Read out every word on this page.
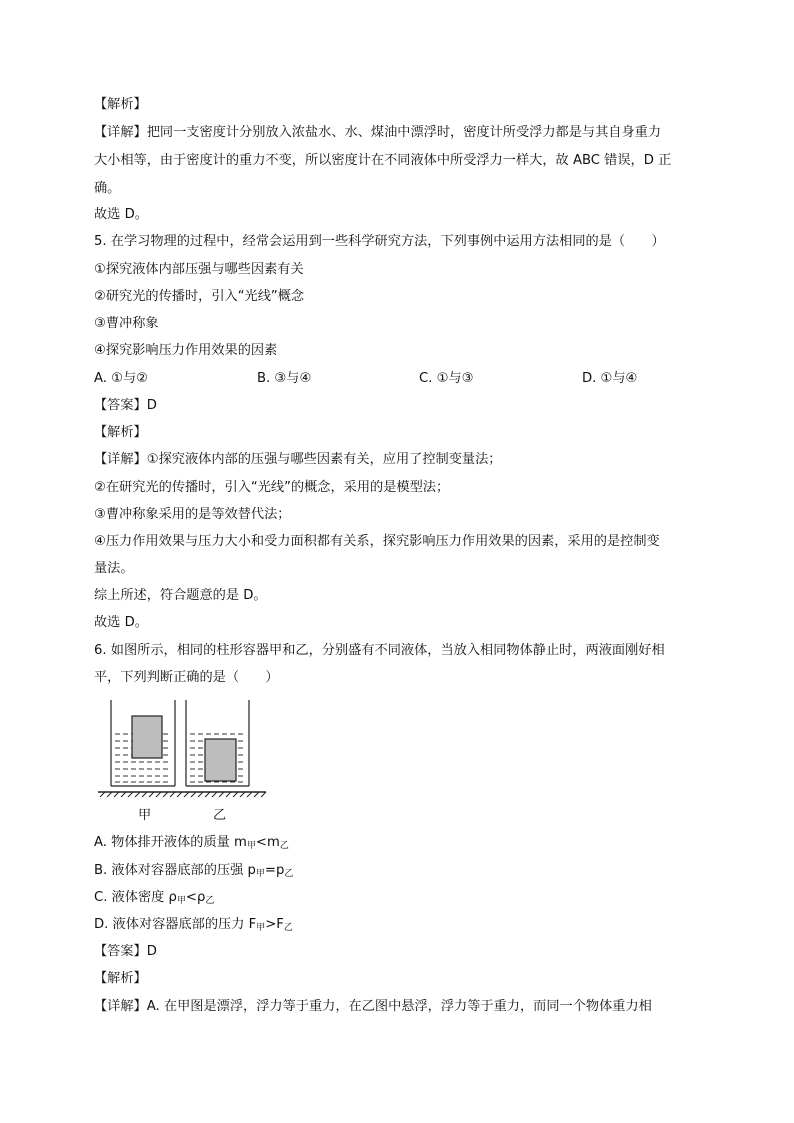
【解析】
【详解】把同一支密度计分别放入浓盐水、水、煤油中漂浮时，密度计所受浮力都是与其自身重力
大小相等，由于密度计的重力不变，所以密度计在不同液体中所受浮力一样大，故 ABC 错误，D 正
确。
故选 D。
5. 在学习物理的过程中，经常会运用到一些科学研究方法，下列事例中运用方法相同的是（　　）
①探究液体内部压强与哪些因素有关
②研究光的传播时，引入“光线”概念
③曹冲称象
④探究影响压力作用效果的因素
A. ①与②	B. ③与④	C. ①与③	D. ①与④
【答案】D
【解析】
【详解】①探究液体内部的压强与哪些因素有关，应用了控制变量法；
②在研究光的传播时，引入“光线”的概念，采用的是模型法；
③曹冲称象采用的是等效替代法；
④压力作用效果与压力大小和受力面积都有关系，探究影响压力作用效果的因素，采用的是控制变
量法。
综上所述，符合题意的是 D。
故选 D。
6. 如图所示，相同的柱形容器甲和乙，分别盛有不同液体，当放入相同物体静止时，两液面刚好相
平，下列判断正确的是（　　）
甲	乙
A. 物体排开液体的质量 $m_甲<m_乙$
B. 液体对容器底部的压强 $p_甲=p_乙$
C. 液体密度 $\rho_甲<\rho_乙$
D. 液体对容器底部的压力 $F_甲>F_乙$
【答案】D
【解析】
【详解】A. 在甲图是漂浮，浮力等于重力，在乙图中悬浮，浮力等于重力，而同一个物体重力相
